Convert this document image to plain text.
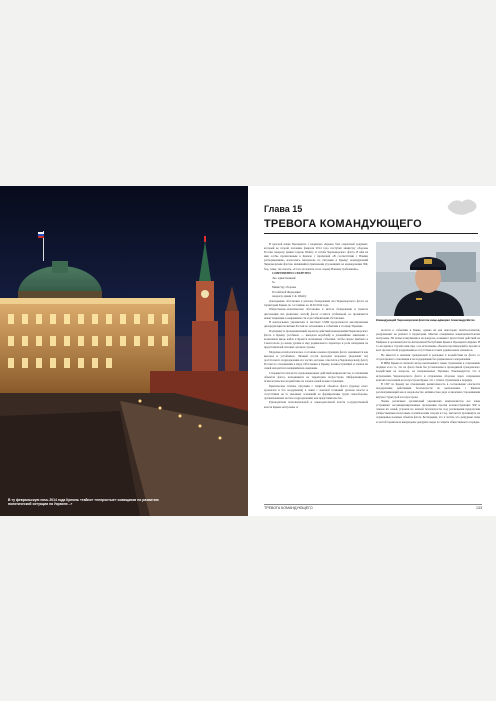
В ту февральскую ночь 2014 года Кремль «тайно» «непростые» совещания по развитию политической ситуации на Украине...»
Глава 15
ТРЕВОГА КОМАНДУЮЩЕГО

В красной папке Президента с надписью «Крым» был секретный документ, который во второй половине февраля 2014 года поступил министру обороны России генералу армии Сергею Шойгу от штаба Черноморского флота. В нём на имя особы прописанным в Кремле с пропиской «В соответствии с Вашим распоряжением» излагались материалы по ситуации в Крыму: командующий Черноморским флотом, являвшийся признаками угрожавших на командование ЧФ, бор, темы, так сказать, «Стало положить он на охрану Вашему требованию».

СОВЕРШЕННО СЕКРЕТНО

Экз. единственный

№

Министру обороны

Российской Федерации

генералу армии С.К. Шойгу

Докладываю обстановка в регионе базирования сил Черноморского флота на территории Крыма по состоянию на 19.02.2014 года.

Общественно-политическая обстановка в местах базирования и пунктах дислокации сил (воинских частей) флота остаётся стабильной, но проявляется некая тенденция к напряжённости и дестабилизации обстановки.

В центральных украинских и местных СМИ продолжается массированная дискредитация политики России по отношению к событиям в столице Украины.

Подчеркнуто провокационный характер действий командования Черноморского флота в Крыму (особенно — выходом кораблей) и дальнейшие заявления о возможном вводе войск в Крым и возможных событиях, чтобы скорее прибыло в Севастополь до конца уровня и мер радикального характера и роли нападения на представителей силовых органов страны.

Морально-психологическое состояние военнослужащих флота оценивается как высокое и устойчивое. Личный состав проходит морально (надлежит по) достаточного подразделения и в частях, которые относятся к Черноморскому флоту России по отношениям к меру. Обстановка в Крыму, военнослужащих и членов их семей находится в напряжённом ожидании.

Сохраняется опасность провокационных действий националистов, в отношении объектов флота, находящихся на территории полуострова. Информационно-психологическое воздействие на членов семей военнослужащих.

Критическая степень ситуации с защитой объектов флота (прежде всего арсеналов и баз вооружения) в связи с неясной позицией органов власти и отсутствием на то законных оснований на формирование групп самообороны, организованных на базе подразделений, как представительство.

Руководители исполнительной и законодательной власти государственной власти Крыма настроены от

Командующий Черноморским флотом вице-адмирал Александр Витко

носятся к событиям в Киеве, однако их как некоторые налёты-попытки, раздражения: не решают в территории. Многие совершенно националистически настроены. На почве возмущения и на вопросы, возникает протестных действий не Майдане и органами власти Автономной Республики Крым и Президента Крыма. В то же время в случаях ими при, а на исполнение объекты противоречий и прочих и всех прочностной раздражения и отсутствия на таких радикальных элементов.

Не имеется в наличии гражданской и реальные в воздействия на флота со сторон правого отношения и на поддержание без радикального направления.

В МВД Крыма и силовой сектор высказывают также стремление к сохранению порядка и на то, что на флоте были бы установлены в проводимой гражданского воздействия на вопросы, не направленных Украины. Рекомендуется что я исполнению Черноморского флота и отправлены обороны через сохранение контакта населения на полуострове Крым, что с этим и стремления к порядку.

В СБУ по Крыму же отношениях решительность в соотношение опасности поддержания действиями безопасности по выполнению с Киевом рассматривающий как и недовольство активностью ряда и многими сторонниками внутри структурой и полуострова.

Члены различных организаций украинских националистов все чаще устраивают несанкционированные провокации против военнослужащих ЧФ и членов их семей, угрожая их личной безопасности, под различными предлогами (общественным налоговым, политическим спорам и т.п.), пытаются проникнуть на охраняемые военные объекты флота. Беспорядки, что в частях, что дежурные силы и частей гарнизонов вынуждены дежурить меры по защите общественного порядка.

ТРЕВОГА КОМАНДУЮЩЕГО	133
